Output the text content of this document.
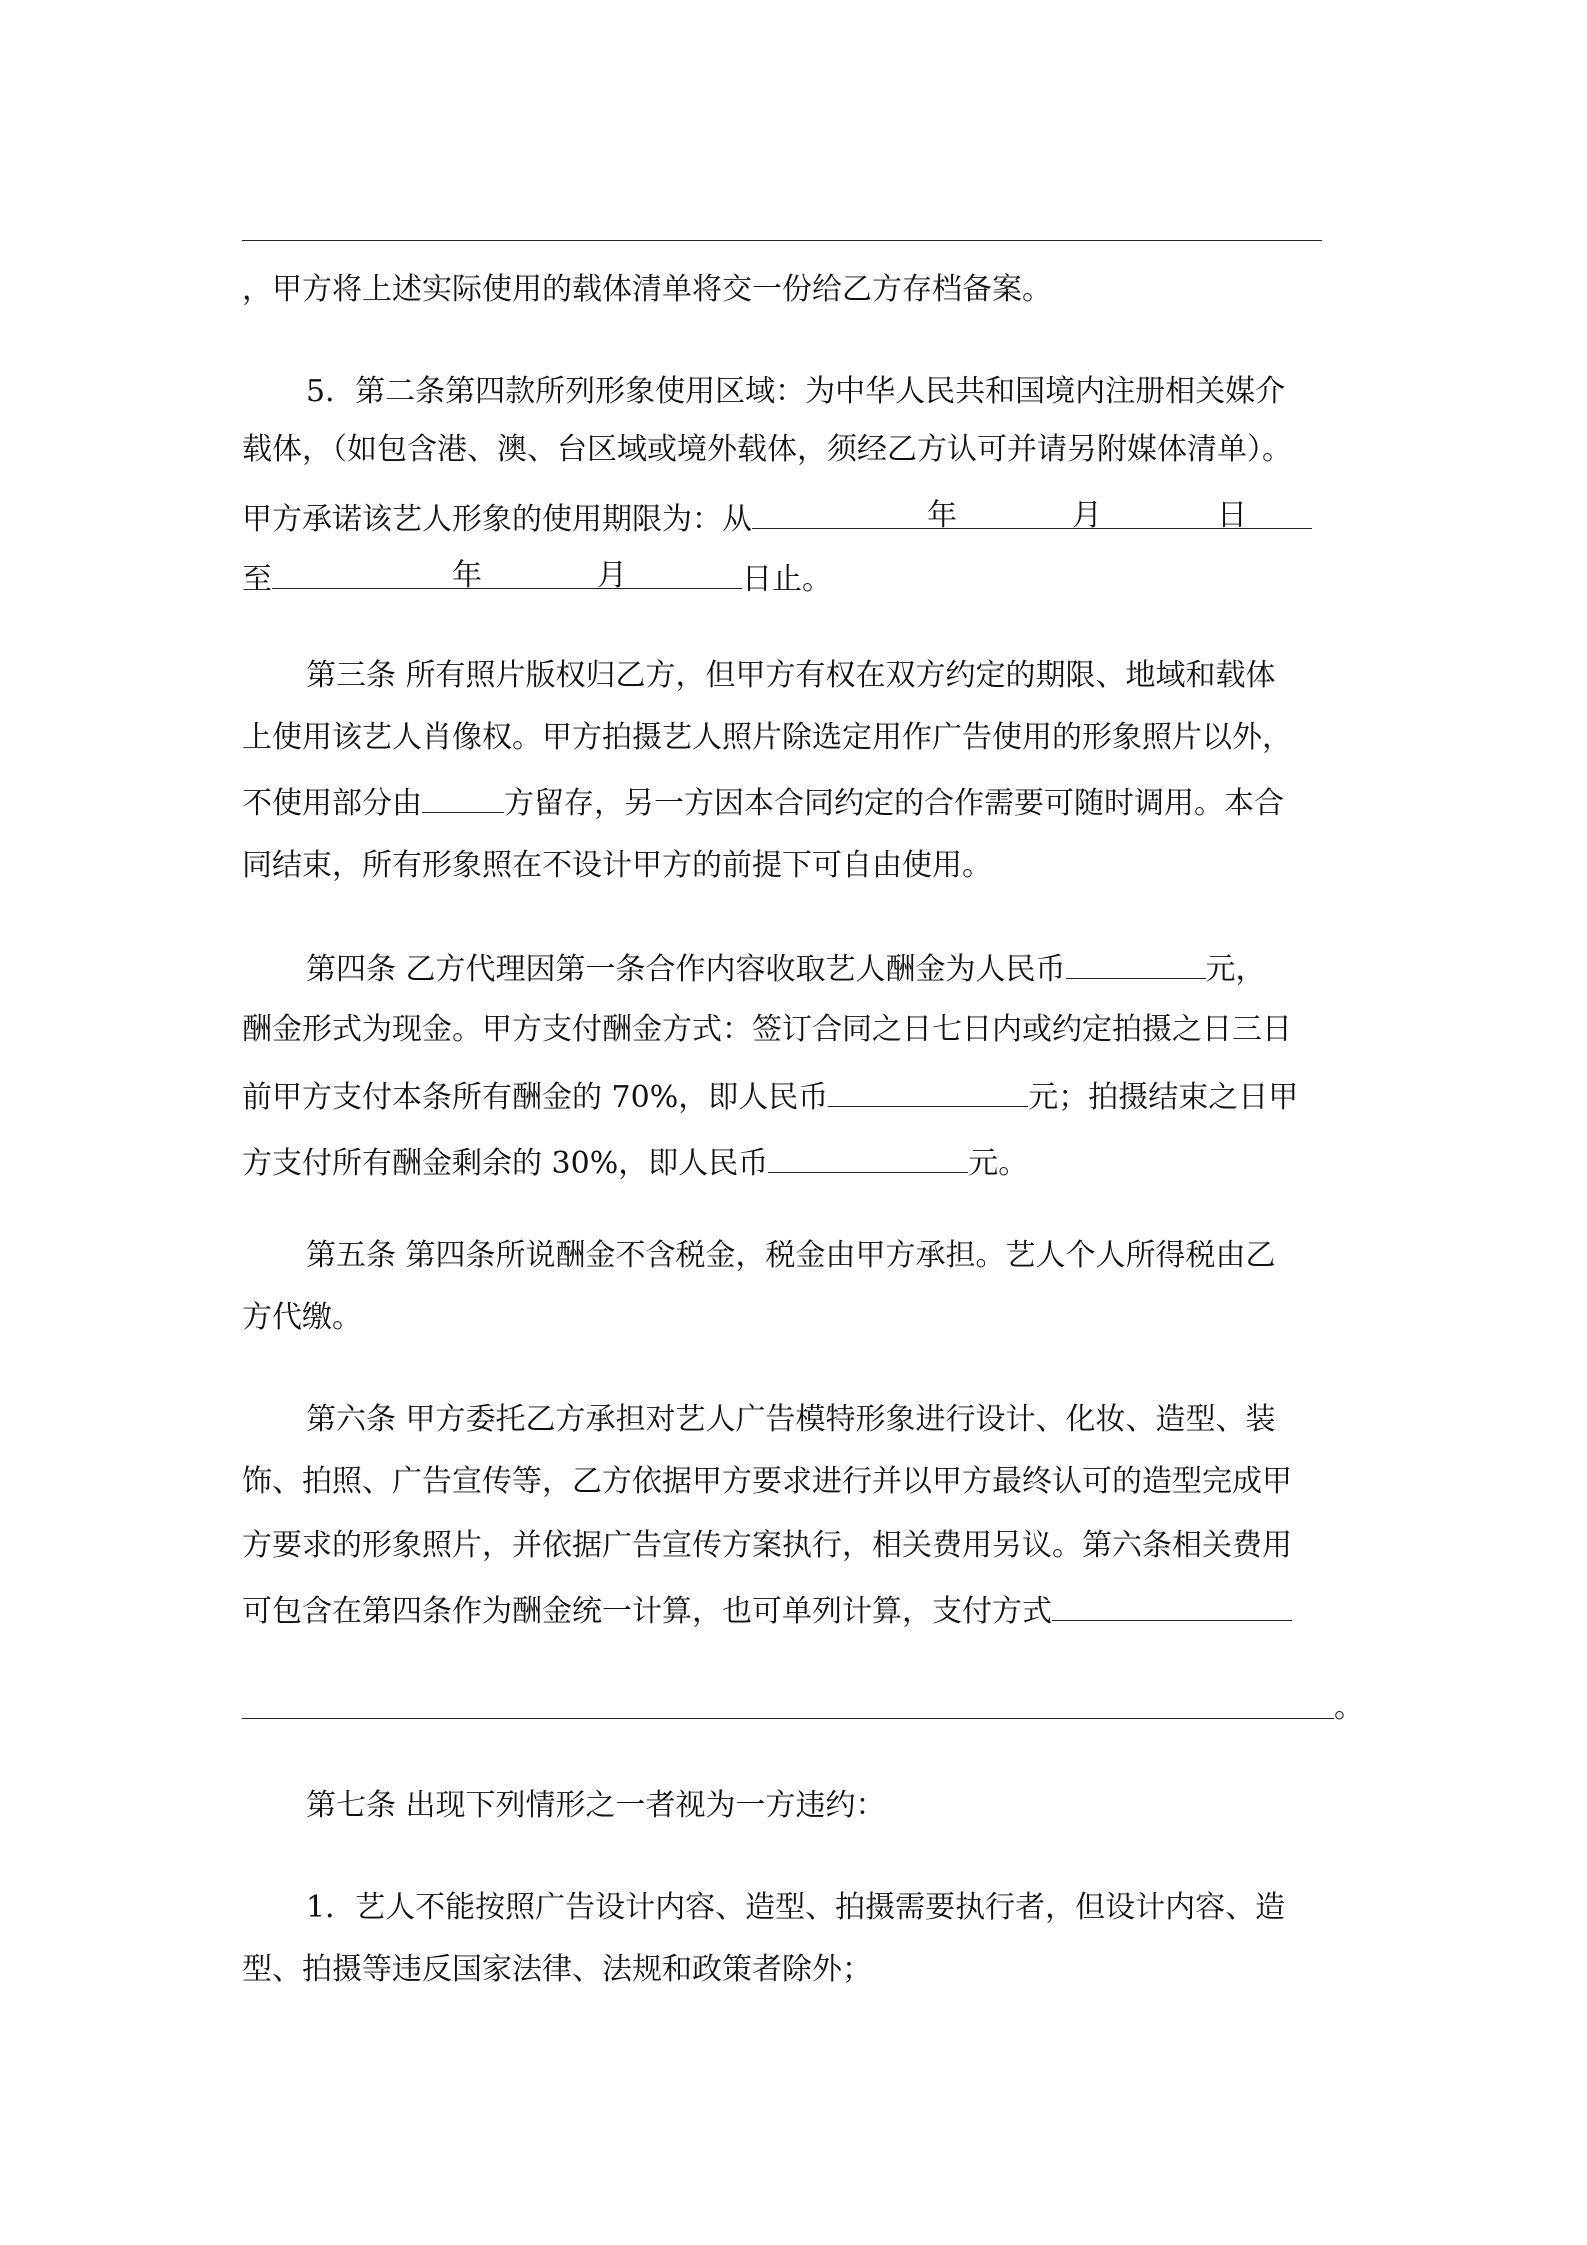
，甲方将上述实际使用的载体清单将交一份给乙方存档备案。
5．第二条第四款所列形象使用区域：为中华人民共和国境内注册相关媒介
载体，（如包含港、澳、台区域或境外载体，须经乙方认可并请另附媒体清单）。
甲方承诺该艺人形象的使用期限为：从	年	月	日
至	年	月	日止。
第三条 所有照片版权归乙方，但甲方有权在双方约定的期限、地域和载体
上使用该艺人肖像权。甲方拍摄艺人照片除选定用作广告使用的形象照片以外，
不使用部分由	方留存，另一方因本合同约定的合作需要可随时调用。本合
同结束，所有形象照在不设计甲方的前提下可自由使用。
第四条 乙方代理因第一条合作内容收取艺人酬金为人民币	元，
酬金形式为现金。甲方支付酬金方式：签订合同之日七日内或约定拍摄之日三日
前甲方支付本条所有酬金的 70%，即人民币	元；拍摄结束之日甲
方支付所有酬金剩余的 30%，即人民币	元。
第五条 第四条所说酬金不含税金，税金由甲方承担。艺人个人所得税由乙
方代缴。
第六条 甲方委托乙方承担对艺人广告模特形象进行设计、化妆、造型、装
饰、拍照、广告宣传等，乙方依据甲方要求进行并以甲方最终认可的造型完成甲
方要求的形象照片，并依据广告宣传方案执行，相关费用另议。第六条相关费用
可包含在第四条作为酬金统一计算，也可单列计算，支付方式
。
第七条 出现下列情形之一者视为一方违约：
1．艺人不能按照广告设计内容、造型、拍摄需要执行者，但设计内容、造
型、拍摄等违反国家法律、法规和政策者除外；
